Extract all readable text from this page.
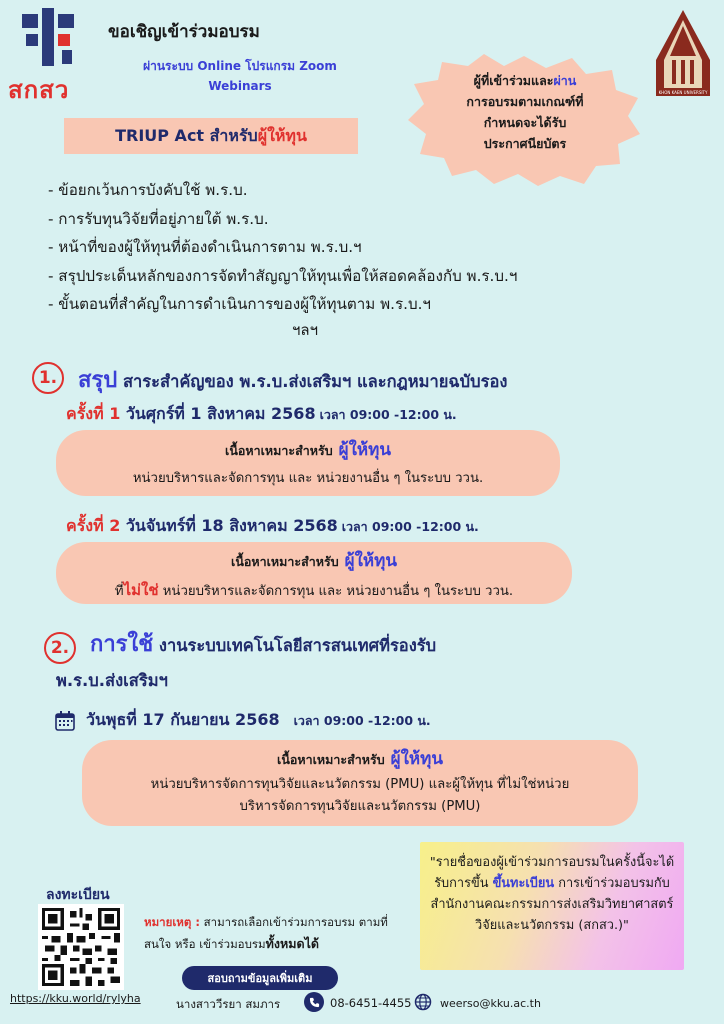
สกสว
ขอเชิญเข้าร่วมอบรม
ผ่านระบบ Online โปรแกรม Zoom
Webinars	ผู้ที่เข้าร่วมและผ่าน
การอบรมตามเกณฑ์ที่
กำหนดจะได้รับ
ประกาศนียบัตร
KHON KAEN UNIVERSITY
TRIUP Act สำหรับ ผู้ให้ทุน
- ข้อยกเว้นการบังคับใช้ พ.ร.บ.
- การรับทุนวิจัยที่อยู่ภายใต้ พ.ร.บ.
- หน้าที่ของผู้ให้ทุนที่ต้องดำเนินการตาม พ.ร.บ.ฯ
- สรุปประเด็นหลักของการจัดทำสัญญาให้ทุนเพื่อให้สอดคล้องกับ พ.ร.บ.ฯ
- ขั้นตอนที่สำคัญในการดำเนินการของผู้ให้ทุนตาม พ.ร.บ.ฯ
ฯลฯ
1. สรุป สาระสำคัญของ พ.ร.บ.ส่งเสริมฯ และกฎหมายฉบับรอง
ครั้งที่ 1 วันศุกร์ที่ 1 สิงหาคม 2568 เวลา 09:00 -12:00 น.
เนื้อหาเหมาะสำหรับ ผู้ให้ทุน
หน่วยบริหารและจัดการทุน และ หน่วยงานอื่น ๆ ในระบบ ววน.
ครั้งที่ 2 วันจันทร์ที่ 18 สิงหาคม 2568 เวลา 09:00 -12:00 น.
เนื้อหาเหมาะสำหรับ ผู้ให้ทุน
ที่ไม่ใช่ หน่วยบริหารและจัดการทุน และ หน่วยงานอื่น ๆ ในระบบ ววน.
2. การใช้ งานระบบเทคโนโลยีสารสนเทศที่รองรับ
พ.ร.บ.ส่งเสริมฯ
วันพุธที่ 17 กันยายน 2568 เวลา 09:00 -12:00 น.
เนื้อหาเหมาะสำหรับ ผู้ให้ทุน
หน่วยบริหารจัดการทุนวิจัยและนวัตกรรม (PMU) และผู้ให้ทุน ที่ไม่ใช่หน่วย
บริหารจัดการทุนวิจัยและนวัตกรรม (PMU)
"รายชื่อของผู้เข้าร่วมการอบรมในครั้งนี้จะได้รับการขึ้น ขึ้นทะเบียน การเข้าร่วมอบรมกับสำนักงานคณะกรรมการส่งเสริมวิทยาศาสตร์ วิจัยและนวัตกรรม (สกสว.)"
ลงทะเบียน
https://kku.world/rylyha
หมายเหตุ : สามารถเลือกเข้าร่วมการอบรม ตามที่สนใจ หรือ เข้าร่วมอบรมทั้งหมดได้
สอบถามข้อมูลเพิ่มเติม
นางสาววีรยา สมภาร	08-6451-4455	weerso@kku.ac.th
